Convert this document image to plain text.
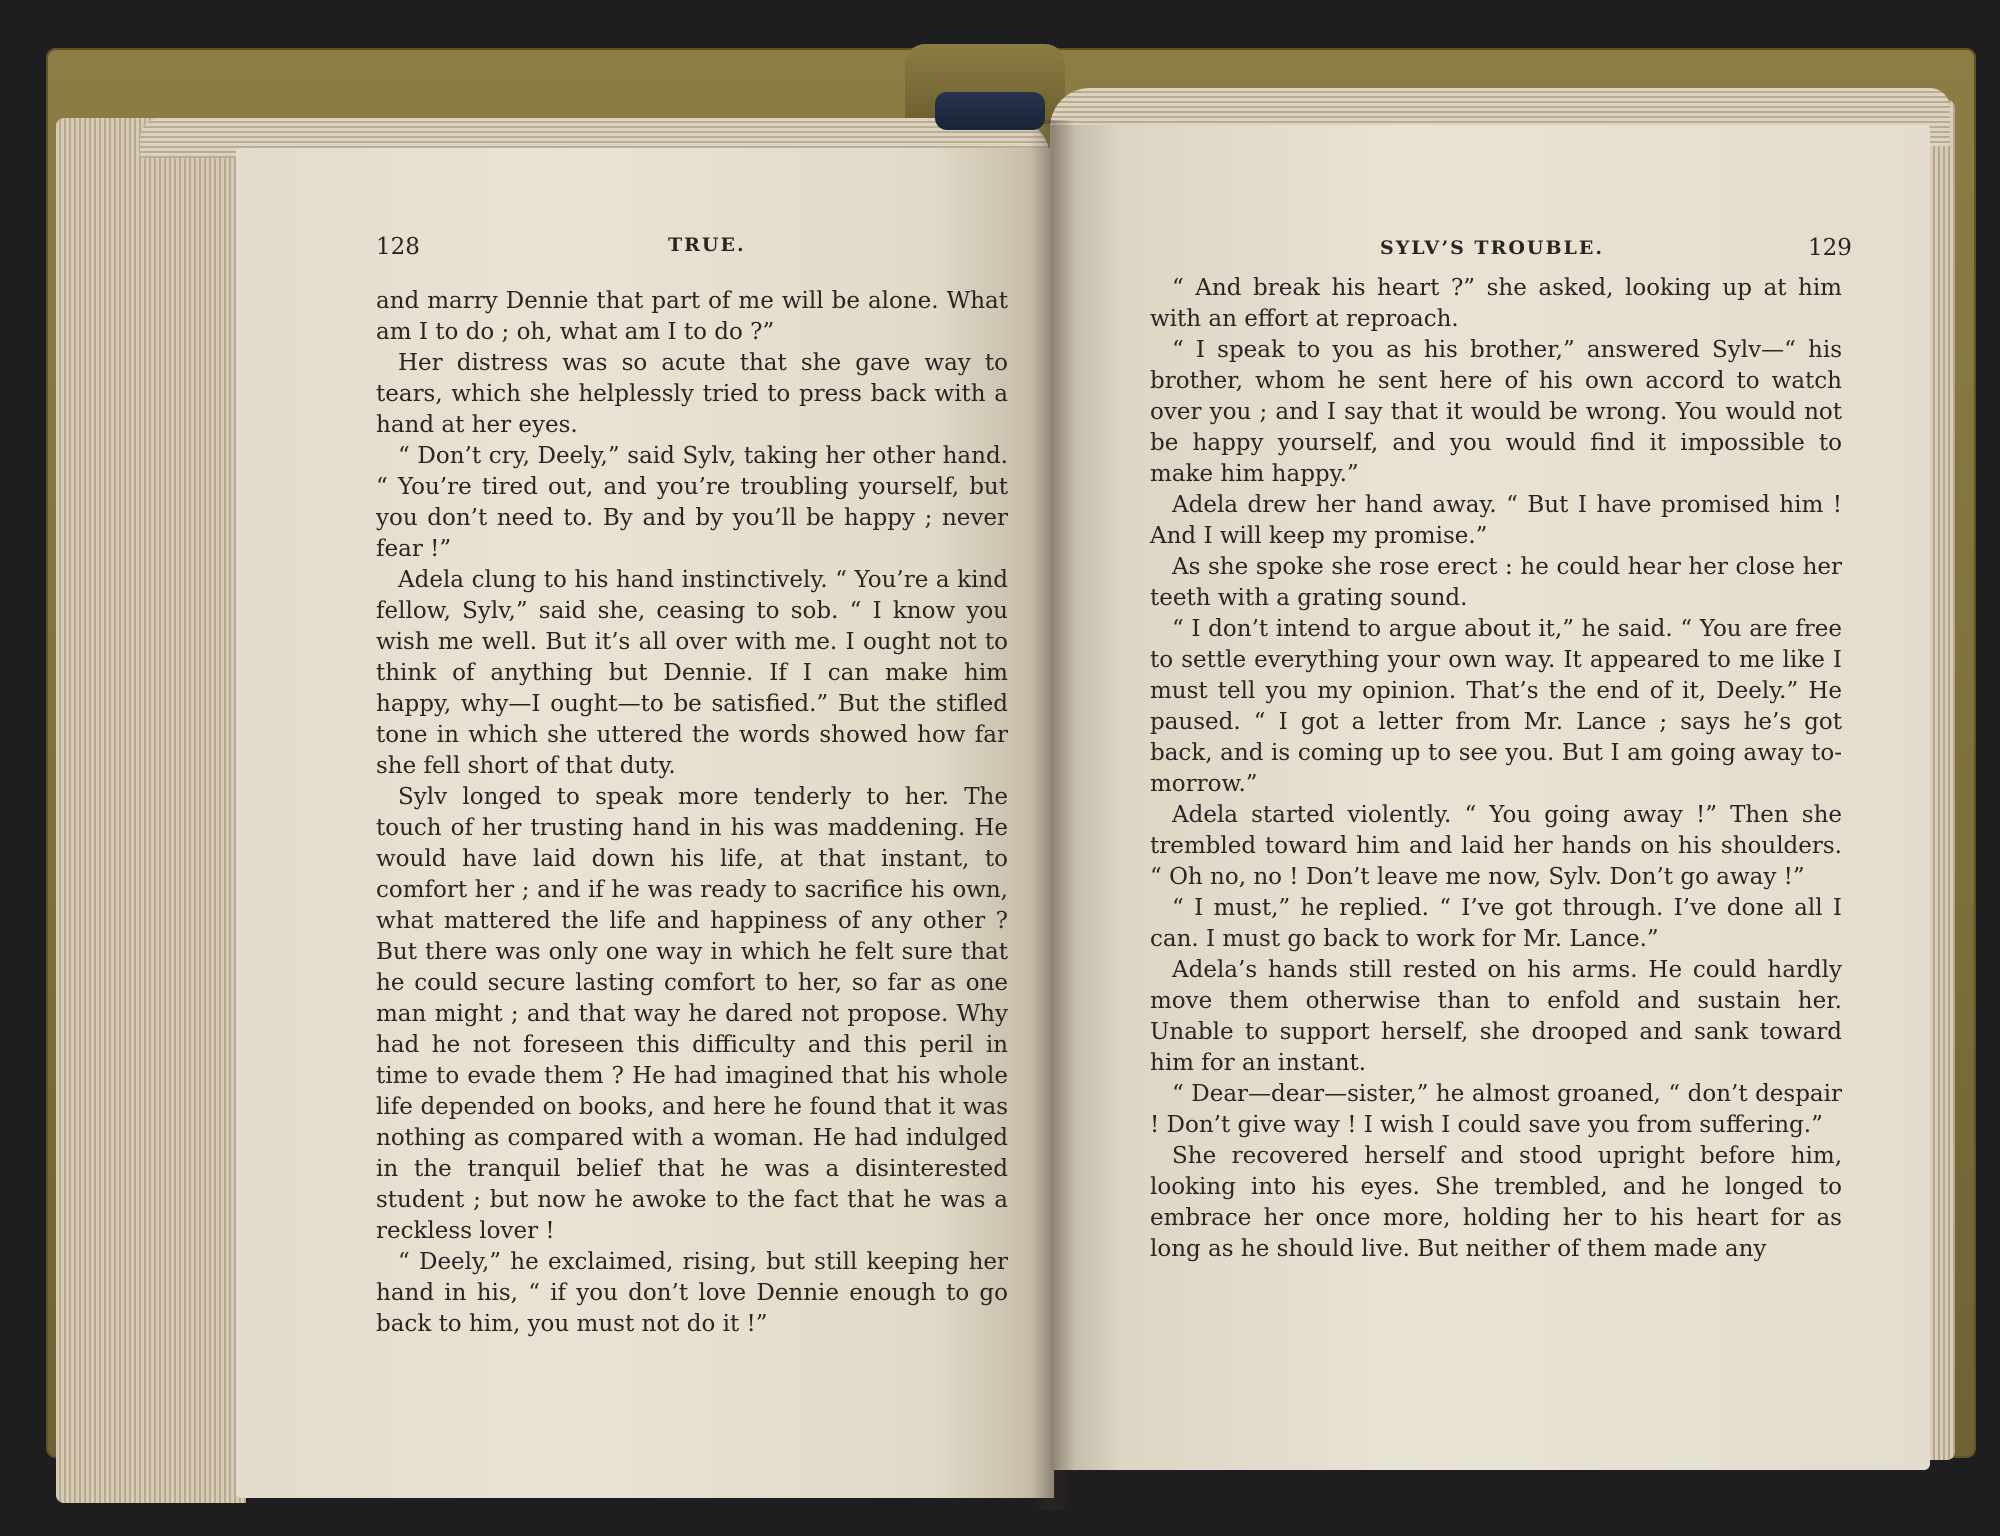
128	TRUE.

and marry Dennie that part of me will be alone. What am I to do ; oh, what am I to do ?”

Her distress was so acute that she gave way to tears, which she helplessly tried to press back with a hand at her eyes.

“ Don’t cry, Deely,” said Sylv, taking her other hand. “ You’re tired out, and you’re troubling yourself, but you don’t need to. By and by you’ll be happy ; never fear !”

Adela clung to his hand instinctively. “ You’re a kind fellow, Sylv,” said she, ceasing to sob. “ I know you wish me well. But it’s all over with me. I ought not to think of anything but Dennie. If I can make him happy, why—I ought—to be satisfied.” But the stifled tone in which she uttered the words showed how far she fell short of that duty.

Sylv longed to speak more tenderly to her. The touch of her trusting hand in his was maddening. He would have laid down his life, at that instant, to comfort her ; and if he was ready to sacrifice his own, what mattered the life and happiness of any other ? But there was only one way in which he felt sure that he could secure lasting comfort to her, so far as one man might ; and that way he dared not propose. Why had he not foreseen this difficulty and this peril in time to evade them ? He had imagined that his whole life depended on books, and here he found that it was nothing as compared with a woman. He had indulged in the tranquil belief that he was a disinterested student ; but now he awoke to the fact that he was a reckless lover !

“ Deely,” he exclaimed, rising, but still keeping her hand in his, “ if you don’t love Dennie enough to go back to him, you must not do it !”

SYLV’S TROUBLE.	129

“ And break his heart ?” she asked, looking up at him with an effort at reproach.

“ I speak to you as his brother,” answered Sylv—“ his brother, whom he sent here of his own accord to watch over you ; and I say that it would be wrong. You would not be happy yourself, and you would find it impossible to make him happy.”

Adela drew her hand away. “ But I have promised him ! And I will keep my promise.”

As she spoke she rose erect : he could hear her close her teeth with a grating sound.

“ I don’t intend to argue about it,” he said. “ You are free to settle everything your own way. It appeared to me like I must tell you my opinion. That’s the end of it, Deely.” He paused. “ I got a letter from Mr. Lance ; says he’s got back, and is coming up to see you. But I am going away to-morrow.”

Adela started violently. “ You going away !” Then she trembled toward him and laid her hands on his shoulders. “ Oh no, no ! Don’t leave me now, Sylv. Don’t go away !”

“ I must,” he replied. “ I’ve got through. I’ve done all I can. I must go back to work for Mr. Lance.”

Adela’s hands still rested on his arms. He could hardly move them otherwise than to enfold and sustain her. Unable to support herself, she drooped and sank toward him for an instant.

“ Dear—dear—sister,” he almost groaned, “ don’t despair ! Don’t give way ! I wish I could save you from suffering.”

She recovered herself and stood upright before him, looking into his eyes. She trembled, and he longed to embrace her once more, holding her to his heart for as long as he should live. But neither of them made any
